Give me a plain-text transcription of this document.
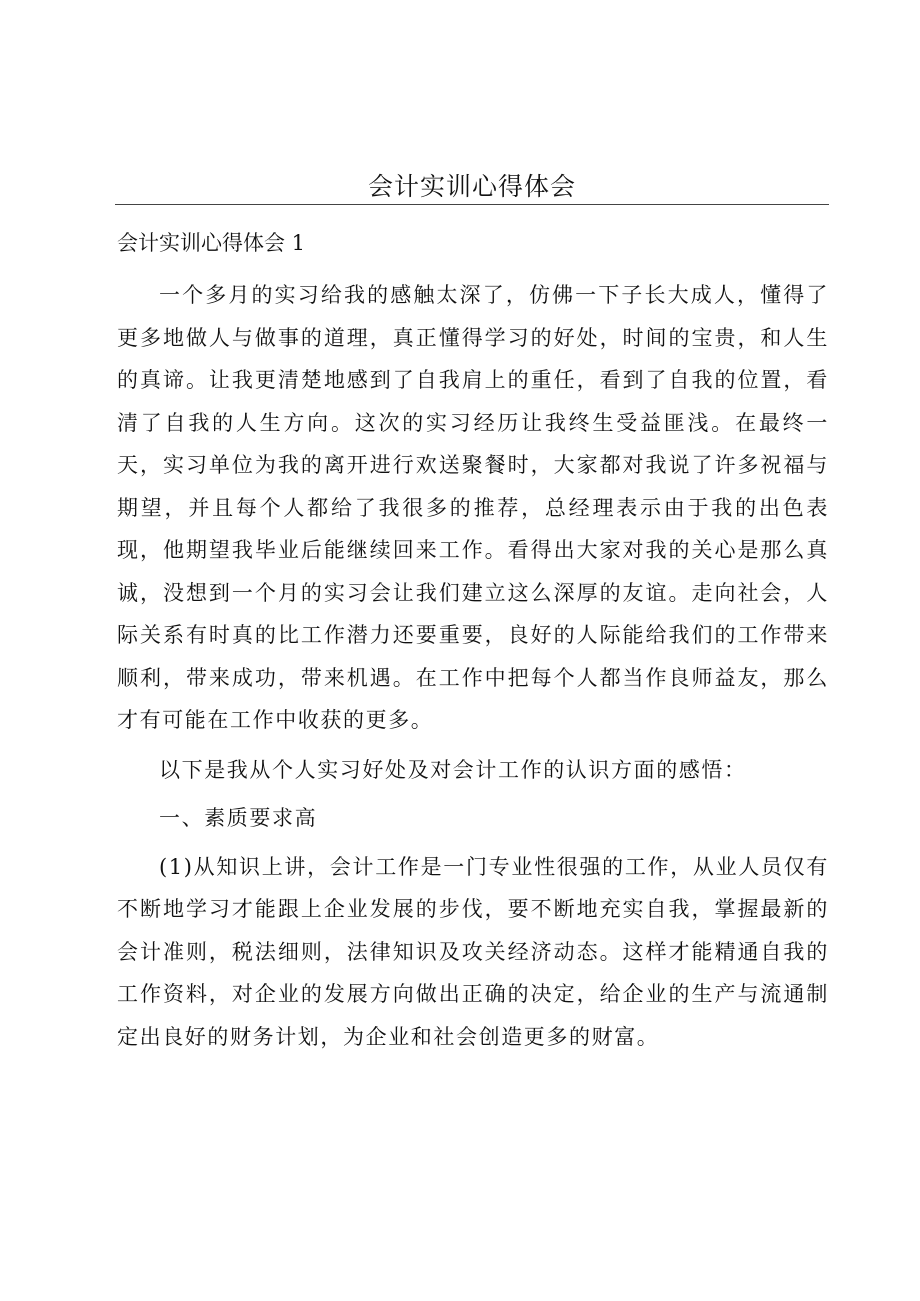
会计实训心得体会
会计实训心得体会 1

一个多月的实习给我的感触太深了，仿佛一下子长大成人，懂得了更多地做人与做事的道理，真正懂得学习的好处，时间的宝贵，和人生的真谛。让我更清楚地感到了自我肩上的重任，看到了自我的位置，看清了自我的人生方向。这次的实习经历让我终生受益匪浅。在最终一天，实习单位为我的离开进行欢送聚餐时，大家都对我说了许多祝福与期望，并且每个人都给了我很多的推荐，总经理表示由于我的出色表现，他期望我毕业后能继续回来工作。看得出大家对我的关心是那么真诚，没想到一个月的实习会让我们建立这么深厚的友谊。走向社会，人际关系有时真的比工作潜力还要重要，良好的人际能给我们的工作带来顺利，带来成功，带来机遇。在工作中把每个人都当作良师益友，那么才有可能在工作中收获的更多。

以下是我从个人实习好处及对会计工作的认识方面的感悟：

一、素质要求高

(1)从知识上讲，会计工作是一门专业性很强的工作，从业人员仅有不断地学习才能跟上企业发展的步伐，要不断地充实自我，掌握最新的会计准则，税法细则，法律知识及攻关经济动态。这样才能精通自我的工作资料，对企业的发展方向做出正确的决定，给企业的生产与流通制定出良好的财务计划，为企业和社会创造更多的财富。
